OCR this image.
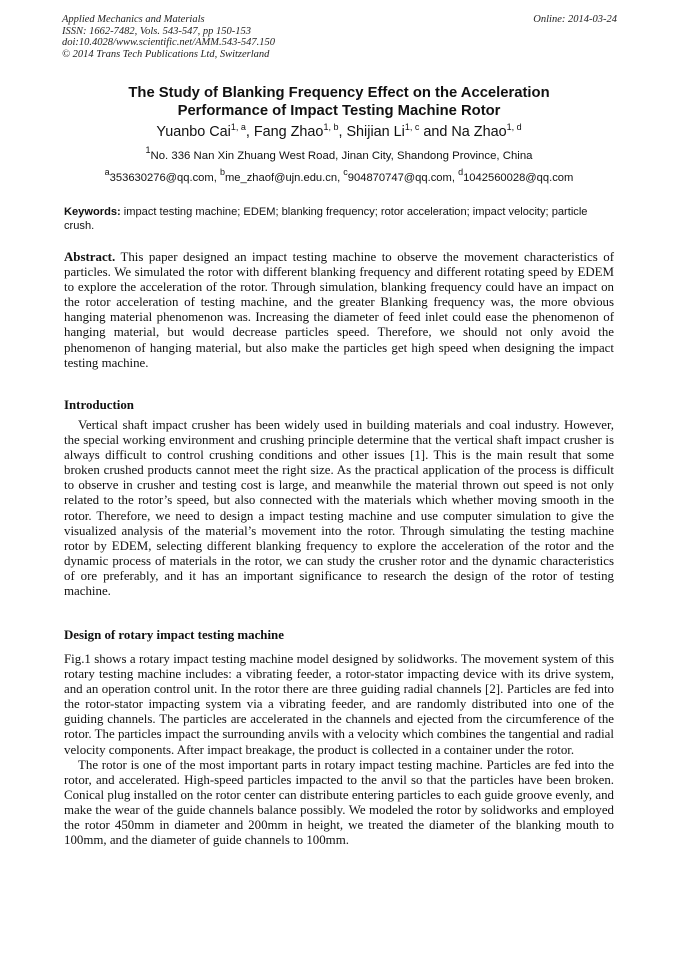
Applied Mechanics and Materials
ISSN: 1662-7482, Vols. 543-547, pp 150-153
doi:10.4028/www.scientific.net/AMM.543-547.150
© 2014 Trans Tech Publications Ltd, Switzerland
Online: 2014-03-24
The Study of Blanking Frequency Effect on the Acceleration
Performance of Impact Testing Machine Rotor
Yuanbo Cai$^{1, a}$, Fang Zhao$^{1, b}$, Shijian Li$^{1, c}$ and Na Zhao$^{1, d}$
$^1$No. 336 Nan Xin Zhuang West Road, Jinan City, Shandong Province, China
$^a$353630276@qq.com, $^b$me_zhaof@ujn.edu.cn, $^c$904870747@qq.com, $^d$1042560028@qq.com
Keywords: impact testing machine; EDEM; blanking frequency; rotor acceleration; impact velocity; particle crush.

Abstract. This paper designed an impact testing machine to observe the movement characteristics of particles. We simulated the rotor with different blanking frequency and different rotating speed by EDEM to explore the acceleration of the rotor. Through simulation, blanking frequency could have an impact on the rotor acceleration of testing machine, and the greater Blanking frequency was, the more obvious hanging material phenomenon was. Increasing the diameter of feed inlet could ease the phenomenon of hanging material, but would decrease particles speed. Therefore, we should not only avoid the phenomenon of hanging material, but also make the particles get high speed when designing the impact testing machine.

Introduction

Vertical shaft impact crusher has been widely used in building materials and coal industry. However, the special working environment and crushing principle determine that the vertical shaft impact crusher is always difficult to control crushing conditions and other issues [1]. This is the main result that some broken crushed products cannot meet the right size. As the practical application of the process is difficult to observe in crusher and testing cost is large, and meanwhile the material thrown out speed is not only related to the rotor’s speed, but also connected with the materials which whether moving smooth in the rotor. Therefore, we need to design a impact testing machine and use computer simulation to give the visualized analysis of the material’s movement into the rotor. Through simulating the testing machine rotor by EDEM, selecting different blanking frequency to explore the acceleration of the rotor and the dynamic process of materials in the rotor, we can study the crusher rotor and the dynamic characteristics of ore preferably, and it has an important significance to research the design of the rotor of testing machine.

Design of rotary impact testing machine

Fig.1 shows a rotary impact testing machine model designed by solidworks. The movement system of this rotary testing machine includes: a vibrating feeder, a rotor-stator impacting device with its drive system, and an operation control unit. In the rotor there are three guiding radial channels [2]. Particles are fed into the rotor-stator impacting system via a vibrating feeder, and are randomly distributed into one of the guiding channels. The particles are accelerated in the channels and ejected from the circumference of the rotor. The particles impact the surrounding anvils with a velocity which combines the tangential and radial velocity components. After impact breakage, the product is collected in a container under the rotor.

The rotor is one of the most important parts in rotary impact testing machine. Particles are fed into the rotor, and accelerated. High-speed particles impacted to the anvil so that the particles have been broken. Conical plug installed on the rotor center can distribute entering particles to each guide groove evenly, and make the wear of the guide channels balance possibly. We modeled the rotor by solidworks and employed the rotor 450mm in diameter and 200mm in height, we treated the diameter of the blanking mouth to 100mm, and the diameter of guide channels to 100mm.
